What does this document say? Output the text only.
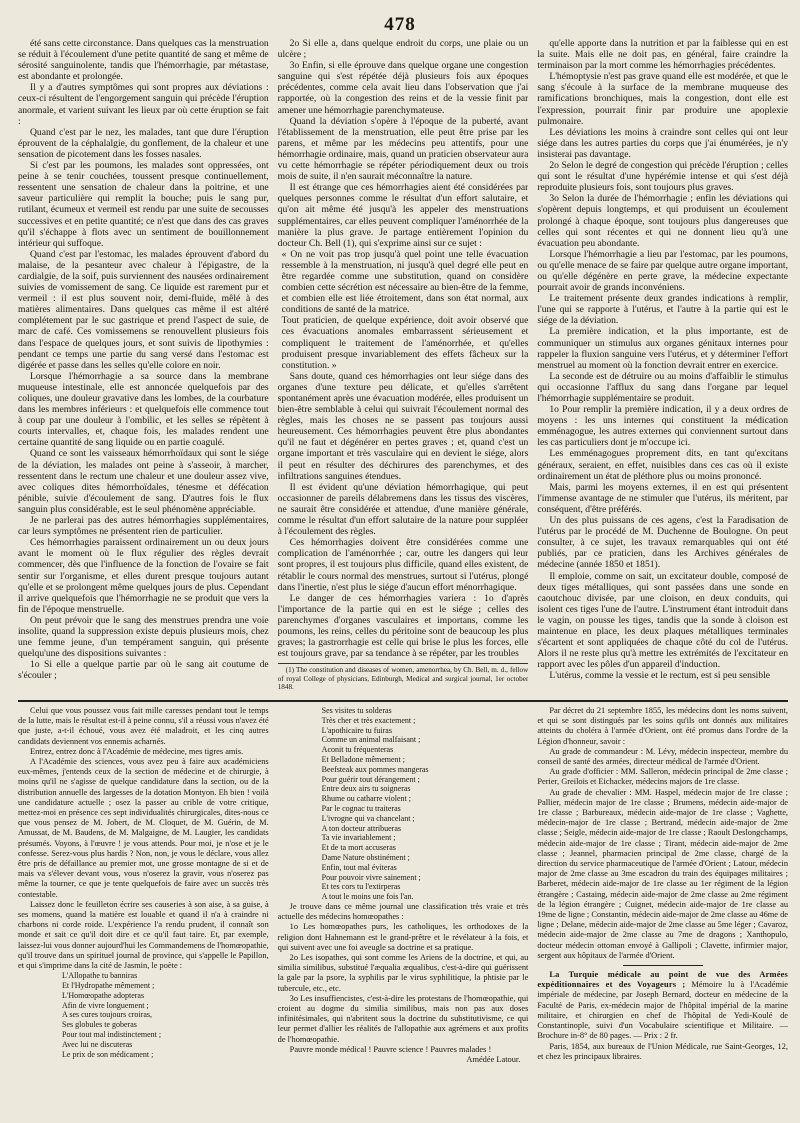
478

été sans cette circonstance. Dans quelques cas la menstruation se réduit à l'écoulement d'une petite quantité de sang et même de sérosité sanguinolente, tandis que l'hémorrhagie, par métastase, est abondante et prolongée.

Il y a d'autres symptômes qui sont propres aux déviations : ceux-ci résultent de l'engorgement sanguin qui précède l'éruption anormale, et varient suivant les lieux par où cette éruption se fait :

Quand c'est par le nez, les malades, tant que dure l'éruption éprouvent de la céphalalgie, du gonflement, de la chaleur et une sensation de picotement dans les fosses nasales.

Si c'est par les poumons, les malades sont oppressées, ont peine à se tenir couchées, toussent presque continuellement, ressentent une sensation de chaleur dans la poitrine, et une saveur particulière qui remplit la bouche; puis le sang pur, rutilant, écumeux et vermeil est rendu par une suite de secousses successives et en petite quantité; ce n'est que dans des cas graves qu'il s'échappe à flots avec un sentiment de bouillonnement intérieur qui suffoque.

Quand c'est par l'estomac, les malades éprouvent d'abord du malaise, de la pesanteur avec chaleur à l'épigastre, de la cardialgie, de la soif, puis surviennent des nausées ordinairement suivies de vomissement de sang. Ce liquide est rarement pur et vermeil : il est plus souvent noir, demi-fluide, mêlé à des matières alimentaires. Dans quelques cas même il est altéré complétement par le suc gastrique et prend l'aspect de suie, de marc de café. Ces vomissemens se renouvellent plusieurs fois dans l'espace de quelques jours, et sont suivis de lipothymies : pendant ce temps une partie du sang versé dans l'estomac est digérée et passe dans les selles qu'elle colore en noir.

Lorsque l'hémorrhagie a sa source dans la membrane muqueuse intestinale, elle est annoncée quelquefois par des coliques, une douleur gravative dans les lombes, de la courbature dans les membres inférieurs : et quelquefois elle commence tout à coup par une douleur à l'ombilic, et les selles se répètent à courts intervalles, et, chaque fois, les malades rendent une certaine quantité de sang liquide ou en partie coagulé.

Quand ce sont les vaisseaux hémorrhoïdaux qui sont le siége de la déviation, les malades ont peine à s'asseoir, à marcher, ressentent dans le rectum une chaleur et une douleur assez vive, avec coliques dites hémorrhoïdales, ténesme et défécation pénible, suivie d'écoulement de sang. D'autres fois le flux sanguin plus considérable, est le seul phénomène appréciable.

Je ne parlerai pas des autres hémorrhagies supplémentaires, car leurs symptômes ne présentent rien de particulier.

Ces hémorrhagies paraissent ordinairement un ou deux jours avant le moment où le flux régulier des règles devrait commencer, dès que l'influence de la fonction de l'ovaire se fait sentir sur l'organisme, et elles durent presque toujours autant qu'elle et se prolongent même quelques jours de plus. Cependant il arrive quelquefois que l'hémorrhagie ne se produit que vers la fin de l'époque menstruelle.

On peut prévoir que le sang des menstrues prendra une voie insolite, quand la suppression existe depuis plusieurs mois, chez une femme jeune, d'un tempérament sanguin, qui présente quelqu'une des dispositions suivantes :

1o Si elle a quelque partie par où le sang ait coutume de s'écouler ;

2o Si elle a, dans quelque endroit du corps, une plaie ou un ulcère ;

3o Enfin, si elle éprouve dans quelque organe une congestion sanguine qui s'est répétée déjà plusieurs fois aux époques précédentes, comme cela avait lieu dans l'observation que j'ai rapportée, où la congestion des reins et de la vessie finit par amener une hémorrhagie parenchymateuse.

Quand la déviation s'opère à l'époque de la puberté, avant l'établissement de la menstruation, elle peut être prise par les parens, et même par les médecins peu attentifs, pour une hémorrhagie ordinaire, mais, quand un praticien observateur aura vu cette hémorrhagie se répéter périodiquement deux ou trois mois de suite, il n'en saurait méconnaître la nature.

Il est étrange que ces hémorrhagies aient été considérées par quelques personnes comme le résultat d'un effort salutaire, et qu'on ait même été jusqu'à les appeler des menstruations supplémentaires, car elles peuvent compliquer l'aménorrhée de la manière la plus grave. Je partage entièrement l'opinion du docteur Ch. Bell (1), qui s'exprime ainsi sur ce sujet :

« On ne voit pas trop jusqu'à quel point une telle évacuation ressemble à la menstruation, ni jusqu'à quel degré elle peut en être regardée comme une substitution, quand on considère combien cette sécrétion est nécessaire au bien-être de la femme, et combien elle est liée étroitement, dans son état normal, aux conditions de santé de la matrice.

Tout praticien, de quelque expérience, doit avoir observé que ces évacuations anomales embarrassent sérieusement et compliquent le traitement de l'aménorrhée, et qu'elles produisent presque invariablement des effets fâcheux sur la constitution. »

Sans doute, quand ces hémorrhagies ont leur siége dans des organes d'une texture peu délicate, et qu'elles s'arrêtent spontanément après une évacuation modérée, elles produisent un bien-être semblable à celui qui suivrait l'écoulement normal des règles, mais les choses ne se passent pas toujours aussi heureusement. Ces hémorrhagies peuvent être plus abondantes qu'il ne faut et dégénérer en pertes graves ; et, quand c'est un organe important et très vasculaire qui en devient le siége, alors il peut en résulter des déchirures des parenchymes, et des infiltrations sanguines étendues.

Il est évident qu'une déviation hémorrhagique, qui peut occasionner de pareils délabremens dans les tissus des viscères, ne saurait être considérée et attendue, d'une manière générale, comme le résultat d'un effort salutaire de la nature pour suppléer à l'écoulement des règles.

Ces hémorrhagies doivent être considérées comme une complication de l'aménorrhée ; car, outre les dangers qui leur sont propres, il est toujours plus difficile, quand elles existent, de rétablir le cours normal des menstrues, surtout si l'utérus, plongé dans l'inertie, n'est plus le siége d'aucun effort ménorrhagique.

Le danger de ces hémorrhagies variera : 1o d'après l'importance de la partie qui en est le siége ; celles des parenchymes d'organes vasculaires et importans, comme les poumons, les reins, celles du péritoine sont de beaucoup les plus graves; la gastrorrhagie est celle qui brise le plus les forces, elle est toujours grave, par sa tendance à se répéter, par les troubles

(1) The constitution and diseases of women, amenorrhea, by Ch. Bell, m. d., fellow of royal College of physicians, Edinburgh, Medical and surgical journal, 1er october 1848.

qu'elle apporte dans la nutrition et par la faiblesse qui en est la suite. Mais elle ne doit pas, en général, faire craindre la terminaison par la mort comme les hémorrhagies précédentes.

L'hémoptysie n'est pas grave quand elle est modérée, et que le sang s'écoule à la surface de la membrane muqueuse des ramifications bronchiques, mais la congestion, dont elle est l'expression, pourrait finir par produire une apoplexie pulmonaire.

Les déviations les moins à craindre sont celles qui ont leur siége dans les autres parties du corps que j'ai énumérées, je n'y insisterai pas davantage.

2o Selon le degré de congestion qui précède l'éruption ; celles qui sont le résultat d'une hypérémie intense et qui s'est déjà reproduite plusieurs fois, sont toujours plus graves.

3o Selon la durée de l'hémorrhagie ; enfin les déviations qui s'opèrent depuis longtemps, et qui produisent un écoulement prolongé à chaque époque, sont toujours plus dangereuses que celles qui sont récentes et qui ne donnent lieu qu'à une évacuation peu abondante.

Lorsque l'hémorrhagie a lieu par l'estomac, par les poumons, ou qu'elle menace de se faire par quelque autre organe important, ou qu'elle dégénère en perte grave, la médecine expectante pourrait avoir de grands inconvéniens.

Le traitement présente deux grandes indications à remplir, l'une qui se rapporte à l'utérus, et l'autre à la partie qui est le siége de la déviation.

La première indication, et la plus importante, est de communiquer un stimulus aux organes génitaux internes pour rappeler la fluxion sanguine vers l'utérus, et y déterminer l'effort menstruel au moment où la fonction devrait entrer en exercice.

La seconde est de détruire ou au moins d'affaiblir le stimulus qui occasionne l'afflux du sang dans l'organe par lequel l'hémorrhagie supplémentaire se produit.

1o Pour remplir la première indication, il y a deux ordres de moyens : les uns internes qui constituent la médication emménagogue, les autres externes qui conviennent surtout dans les cas particuliers dont je m'occupe ici.

Les emménagogues proprement dits, en tant qu'excitans généraux, seraient, en effet, nuisibles dans ces cas où il existe ordinairement un état de pléthore plus ou moins prononcé.

Mais, parmi les moyens externes, il en est qui présentent l'immense avantage de ne stimuler que l'utérus, ils méritent, par conséquent, d'être préférés.

Un des plus puissans de ces agens, c'est la Faradisation de l'utérus par le procédé de M. Duchenne de Boulogne. On peut consulter, à ce sujet, les travaux remarquables qui ont été publiés, par ce praticien, dans les Archives générales de médecine (année 1850 et 1851).

Il emploie, comme on sait, un excitateur double, composé de deux tiges métalliques, qui sont passées dans une sonde en caoutchouc divisée, par une cloison, en deux conduits, qui isolent ces tiges l'une de l'autre. L'instrument étant introduit dans le vagin, on pousse les tiges, tandis que la sonde à cloison est maintenue en place, les deux plaques métalliques terminales s'écartent et sont appliquées de chaque côté du col de l'utérus. Alors il ne reste plus qu'à mettre les extrémités de l'excitateur en rapport avec les pôles d'un appareil d'induction.

L'utérus, comme la vessie et le rectum, est si peu sensible

Celui que vous poussez vous fait mille caresses pendant tout le temps de la lutte, mais le résultat est-il à peine connu, s'il a réussi vous n'avez été que juste, a-t-il échoué, vous avez été maladroit, et les cinq autres candidats deviennent vos ennemis acharnés.

Entrez, entrez donc à l'Académie de médecine, mes tigres amis.

A l'Académie des sciences, vous avez peu à faire aux académiciens eux-mêmes, j'entends ceux de la section de médecine et de chirurgie, à moins qu'il ne s'agisse de quelque candidature dans la section, ou de la distribution annuelle des largesses de la dotation Montyon. Eh bien ! voilà une candidature actuelle ; osez la passer au crible de votre critique, mettez-moi en présence ces sept individualités chirurgicales, dites-nous ce que vous pensez de M. Jobert, de M. Cloquet, de M. Guérin, de M. Amussat, de M. Baudens, de M. Malgaigne, de M. Laugier, les candidats présumés. Voyons, à l'œuvre ! je vous attends. Pour moi, je n'ose et je le confesse. Serez-vous plus hardis ? Non, non, je vous le déclare, vous allez être pris de défaillance au premier mot, une grosse montagne de si et de mais va s'élever devant vous, vous n'oserez la gravir, vous n'oserez pas même la tourner, ce que je tente quelquefois de faire avec un succès très contestable.

Laissez donc le feuilleton écrire ses causeries à son aise, à sa guise, à ses momens, quand la matière est louable et quand il n'a à craindre ni charbons ni corde roide. L'expérience l'a rendu prudent, il connaît son monde et sait ce qu'il doit dire et ce qu'il faut taire. Et, par exemple, laissez-lui vous donner aujourd'hui les Commandemens de l'homœopathie, qu'il trouve dans un spirituel journal de province, qui s'appelle le Papillon, et qui s'imprime dans la cité de Jasmin, le poète :

L'Allopathe tu banniras
Et l'Hydropathe mêmement ;
L'Homœopathe adopteras
Afin de vivre longuement ;
A ses cures toujours croiras,
Ses globules te goberas
Pour tout mal indistinctement ;
Avec lui ne discuteras
Le prix de son médicament ;
Ses visites tu solderas
Très cher et très exactement ;
L'apothicaire tu fuiras
Comme un animal malfaisant ;
Aconit tu fréquenteras
Et Belladone mêmement ;
Beefsteak aux pommes mangeras
Pour guérir tout dérangement ;
Entre deux airs tu soigneras
Rhume ou catharre violent ;
Par le cognac tu traiteras
L'ivrogne qui va chancelant ;
A ton docteur attribueras
Ta vie invariablement ;
Et de ta mort accuseras
Dame Nature obstinément ;
Enfin, tout mal éviteras
Pour pouvoir vivre sainement ;
Et tes cors tu l'extirperas
A tout le moins une fois l'an.

Je trouve dans ce même journal une classification très vraie et très actuelle des médecins homœopathes :

1o Les homœopathes purs, les catholiques, les orthodoxes de la religion dont Hahnemann est le grand-prêtre et le révélateur à la fois, et qui suivent avec une foi aveugle sa doctrine et sa pratique.

2o Les isopathes, qui sont comme les Ariens de la doctrine, et qui, au similia similibus, substitué l'æqualia æqualibus, c'est-à-dire qui guérissent la gale par la psore, la syphilis par le virus syphilitique, la phtisie par le tubercule, etc., etc.

3o Les insuffiencistes, c'est-à-dire les protestans de l'homœopathie, qui croient au dogme du similia similibus, mais non pas aux doses infinitésimales, qui n'abritent sous la doctrine du substitutivisme, ce qui leur permet d'allier les réalités de l'allopathie aux agrémens et aux profits de l'homœopathie.

Pauvre monde médical ! Pauvre science ! Pauvres malades !

Amédée Latour.

Par décret du 21 septembre 1855, les médecins dont les noms suivent, et qui se sont distingués par les soins qu'ils ont donnés aux militaires atteints du choléra à l'armée d'Orient, ont été promus dans l'ordre de la Légion d'honneur, savoir :

Au grade de commandeur : M. Lévy, médecin inspecteur, membre du conseil de santé des armées, directeur médical de l'armée d'Orient.

Au grade d'officier : MM. Salleron, médecin principal de 2me classe ; Perier, Greilois et Eichacker, médecins majors de 1re classe.

Au grade de chevalier : MM. Haspel, médecin major de 1re classe ; Pallier, médecin major de 1re classe ; Brumens, médecin aide-major de 1re classe ; Barbureaux, médecin aide-major de 1re classe ; Vaghette, médecin-major de 1re classe ; Bertrand, médecin aide-major de 2me classe ; Seigle, médecin aide-major de 1re classe ; Raoult Deslongchamps, médecin aide-major de 1re classe ; Tirant, médecin aide-major de 2me classe ; Jeannel, pharmacien principal de 2me classe, chargé de la direction du service pharmaceutique de l'armée d'Orient ; Latour, médecin major de 2me classe au 3me escadron du train des équipages militaires ; Barberet, médecin aide-major de 1re classe au 1er régiment de la légion étrangère ; Castaing, médecin aide-major de 2me classe au 2me régiment de la légion étrangère ; Cuignet, médecin aide-major de 1re classe au 19me de ligne ; Constantin, médecin aide-major de 2me classe au 46me de ligne ; Delane, médecin aide-major de 2me classe au 5me léger ; Cavaroz, médecin aide-major de 2me classe au 7me de dragons ; Xanthopulo, docteur médecin ottoman envoyé à Gallipoli ; Clavette, infirmier major, sergent aux hôpitaux de l'armée d'Orient.

La Turquie médicale au point de vue des Armées expéditionnaires et des Voyageurs ; Mémoire lu à l'Académie impériale de médecine, par Joseph Bernard, docteur en médecine de la Faculté de Paris, ex-médecin major de l'hôpital impérial de la marine militaire, et chirurgien en chef de l'hôpital de Yedi-Koulé de Constantinople, suivi d'un Vocabulaire scientifique et Militaire. — Brochure in-8° de 80 pages. — Prix : 2 fr.

Paris, 1854, aux bureaux de l'Union Médicale, rue Saint-Georges, 12, et chez les principaux libraires.
